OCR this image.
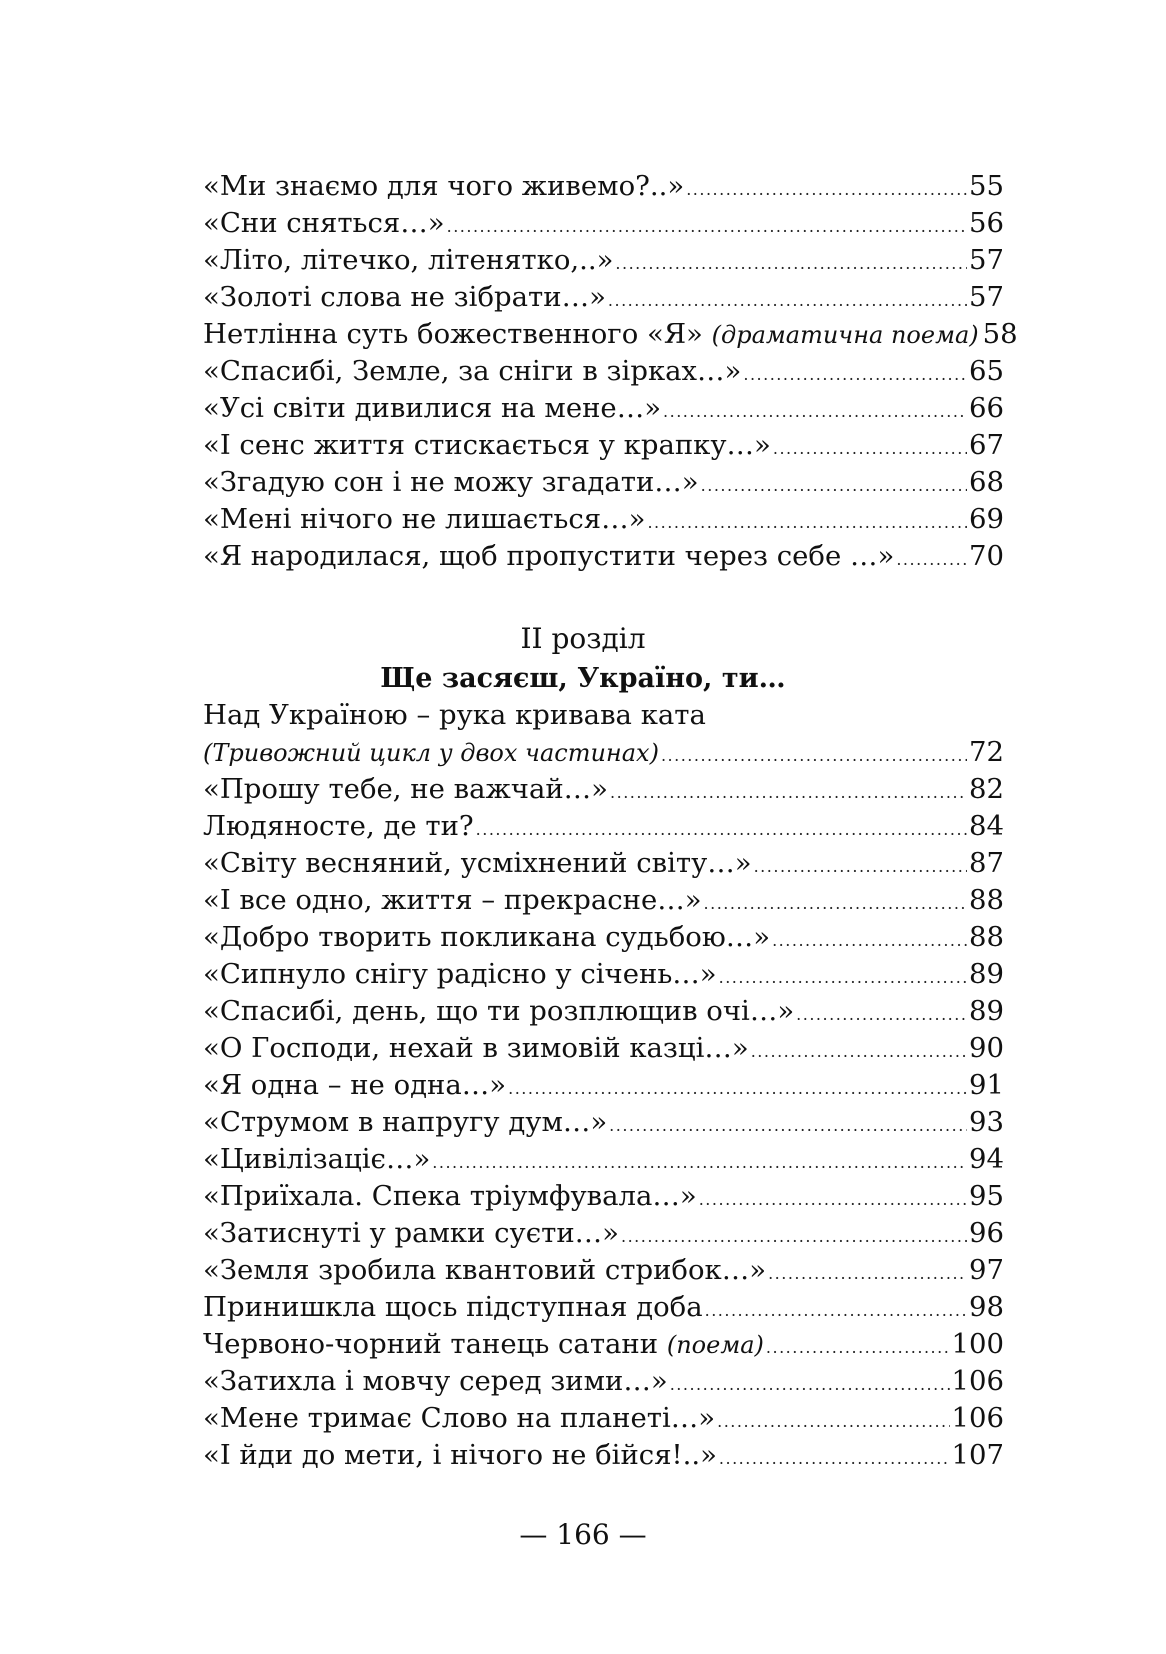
«Ми знаємо для чого живемо?..» .....	55
«Сни сняться…» .....	56
«Літо, літечко, літенятко,..» .....	57
«Золоті слова не зібрати…» .....	57
Нетлінна суть божественного «Я» (драматична поема) 58
«Спасибі, Земле, за сніги в зірках…» .....	65
«Усі світи дивилися на мене…» .....	66
«І сенс життя стискається у крапку…» .....	67
«Згадую сон і не можу згадати…» .....	68
«Мені нічого не лишається…» .....	69
«Я народилася, щоб пропустити через себе …» .....	70
ІІ розділ
Ще засяєш, Україно, ти…
Над Україною – рука кривава ката
(Тривожний цикл у двох частинах) .....	72
«Прошу тебе, не важчай…» .....	82
Людяносте, де ти? .....	84
«Світу весняний, усміхнений світу…» .....	87
«І все одно, життя – прекрасне…» .....	88
«Добро творить покликана судьбою…» .....	88
«Сипнуло снігу радісно у січень…» .....	89
«Спасибі, день, що ти розплющив очі…» .....	89
«О Господи, нехай в зимовій казці…» .....	90
«Я одна – не одна…» .....	91
«Струмом в напругу дум…» .....	93
«Цивілізаціє…» .....	94
«Приїхала. Спека тріумфувала…» .....	95
«Затиснуті у рамки суєти…» .....	96
«Земля зробила квантовий стрибок…» .....	97
Принишкла щось підступная доба .....	98
Червоно-чорний танець сатани (поема) .....	100
«Затихла і мовчу серед зими…» .....	106
«Мене тримає Слово на планеті…» .....	106
«І йди до мети, і нічого не бійся!..» .....	107
— 166 —
